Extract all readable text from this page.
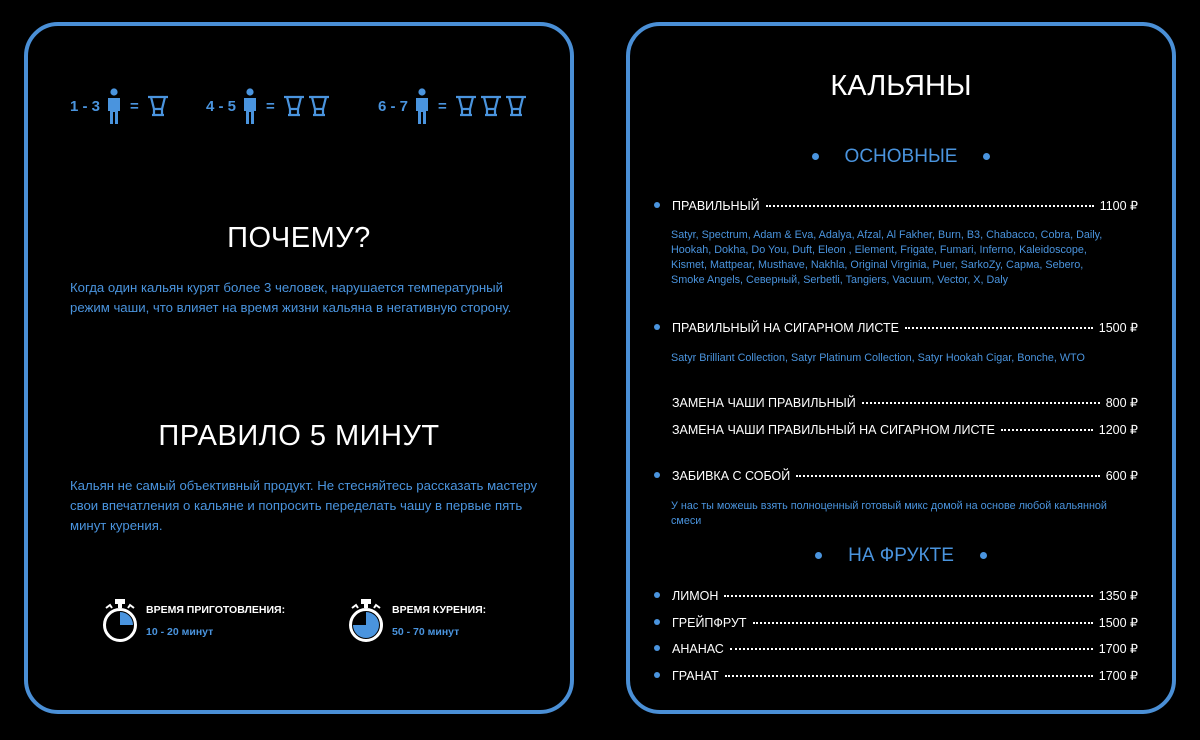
1 - 3 =	4 - 5 =	6 - 7 =
ПОЧЕМУ?
Когда один кальян курят более 3 человек, нарушается температурный режим чаши, что влияет на время жизни кальяна в негативную сторону.
ПРАВИЛО 5 МИНУТ
Кальян не самый объективный продукт. Не стесняйтесь рассказать мастеру свои впечатления о кальяне и попросить переделать чашу в первые пять минут курения.
ВРЕМЯ ПРИГОТОВЛЕНИЯ:
10 - 20 минут
ВРЕМЯ КУРЕНИЯ:
50 - 70 минут
КАЛЬЯНЫ
ОСНОВНЫЕ
ПРАВИЛЬНЫЙ	1100 ₽
Satyr, Spectrum, Adam & Eva, Adalya, Afzal, Al Fakher, Burn, B3, Chabacco, Cobra, Daily, Hookah, Dokha, Do You, Duft, Eleon , Element, Frigate, Fumari, Inferno, Kaleidoscope, Kismet, Mattpear, Musthave, Nakhla, Original Virginia, Puer, SarkoZy, Сарма, Sebero, Smoke Angels, Северный, Serbetli, Tangiers, Vacuum, Vector, X, Daly
ПРАВИЛЬНЫЙ НА СИГАРНОМ ЛИСТЕ	1500 ₽
Satyr Brilliant Collection, Satyr Platinum Collection, Satyr Hookah Cigar, Bonche, WTO
ЗАМЕНА ЧАШИ ПРАВИЛЬНЫЙ	800 ₽
ЗАМЕНА ЧАШИ ПРАВИЛЬНЫЙ НА СИГАРНОМ ЛИСТЕ	1200 ₽
ЗАБИВКА С СОБОЙ	600 ₽
У нас ты можешь взять полноценный готовый микс домой на основе любой кальянной смеси
НА ФРУКТЕ
ЛИМОН	1350 ₽
ГРЕЙПФРУТ	1500 ₽
АНАНАС	1700 ₽
ГРАНАТ	1700 ₽
